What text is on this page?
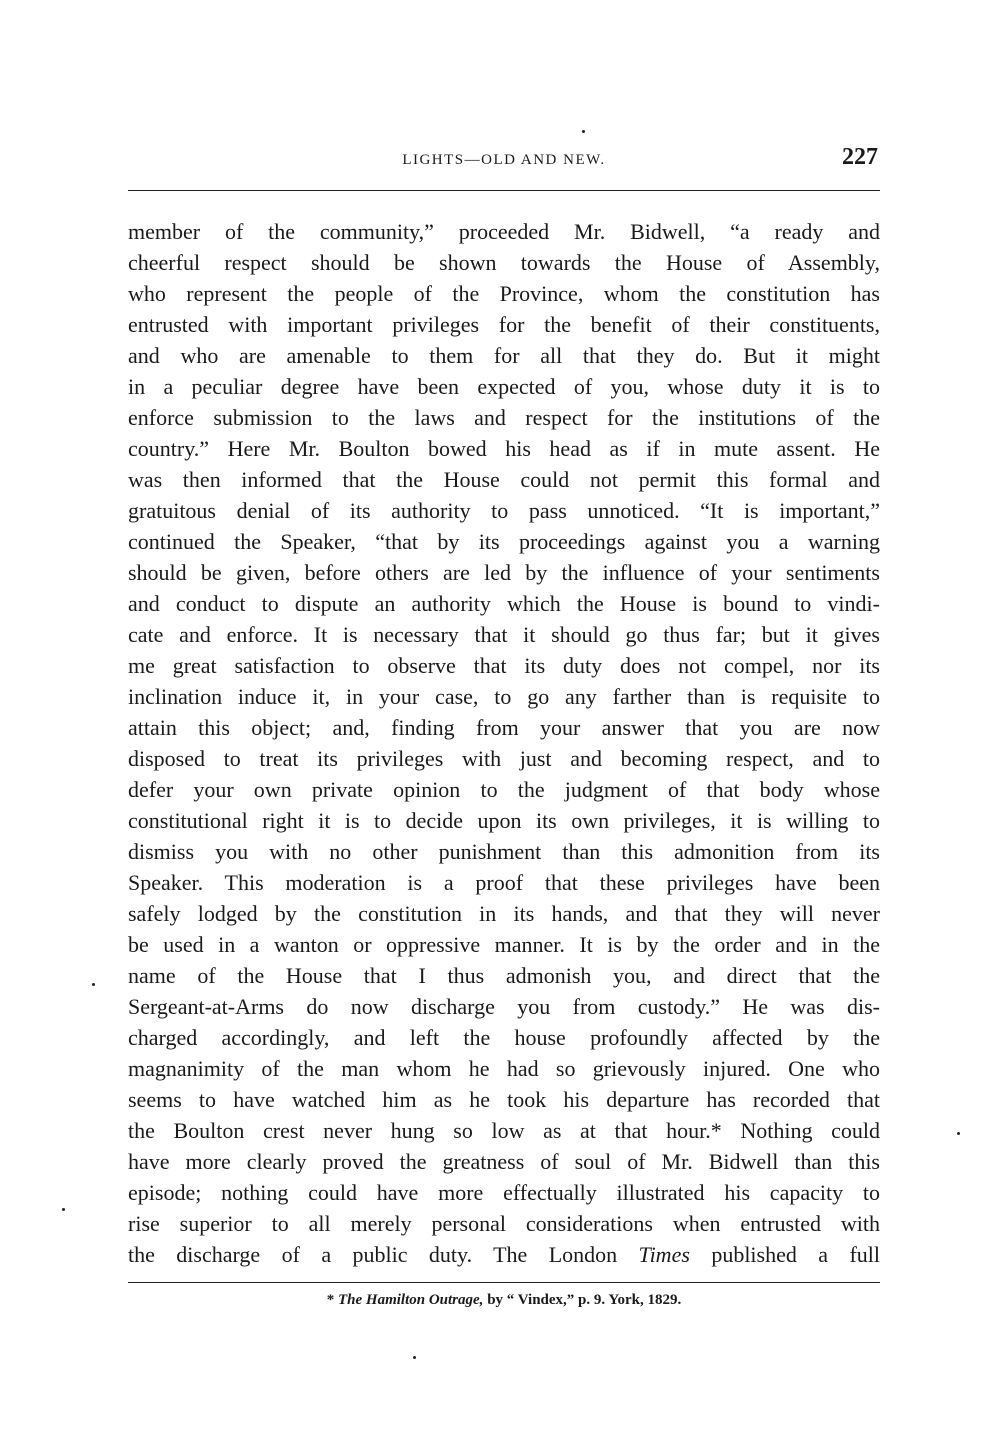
LIGHTS—OLD AND NEW.	227
member of the community,” proceeded Mr. Bidwell, “a ready and
cheerful respect should be shown towards the House of Assembly,
who represent the people of the Province, whom the constitution has
entrusted with important privileges for the benefit of their constituents,
and who are amenable to them for all that they do. But it might
in a peculiar degree have been expected of you, whose duty it is to
enforce submission to the laws and respect for the institutions of the
country.” Here Mr. Boulton bowed his head as if in mute assent. He
was then informed that the House could not permit this formal and
gratuitous denial of its authority to pass unnoticed. “It is important,”
continued the Speaker, “that by its proceedings against you a warning
should be given, before others are led by the influence of your sentiments
and conduct to dispute an authority which the House is bound to vindi-
cate and enforce. It is necessary that it should go thus far; but it gives
me great satisfaction to observe that its duty does not compel, nor its
inclination induce it, in your case, to go any farther than is requisite to
attain this object; and, finding from your answer that you are now
disposed to treat its privileges with just and becoming respect, and to
defer your own private opinion to the judgment of that body whose
constitutional right it is to decide upon its own privileges, it is willing to
dismiss you with no other punishment than this admonition from its
Speaker. This moderation is a proof that these privileges have been
safely lodged by the constitution in its hands, and that they will never
be used in a wanton or oppressive manner. It is by the order and in the
name of the House that I thus admonish you, and direct that the
Sergeant-at-Arms do now discharge you from custody.” He was dis-
charged accordingly, and left the house profoundly affected by the
magnanimity of the man whom he had so grievously injured. One who
seems to have watched him as he took his departure has recorded that
the Boulton crest never hung so low as at that hour.* Nothing could
have more clearly proved the greatness of soul of Mr. Bidwell than this
episode; nothing could have more effectually illustrated his capacity to
rise superior to all merely personal considerations when entrusted with
the discharge of a public duty. The London Times published a full
* The Hamilton Outrage, by “ Vindex,” p. 9. York, 1829.
